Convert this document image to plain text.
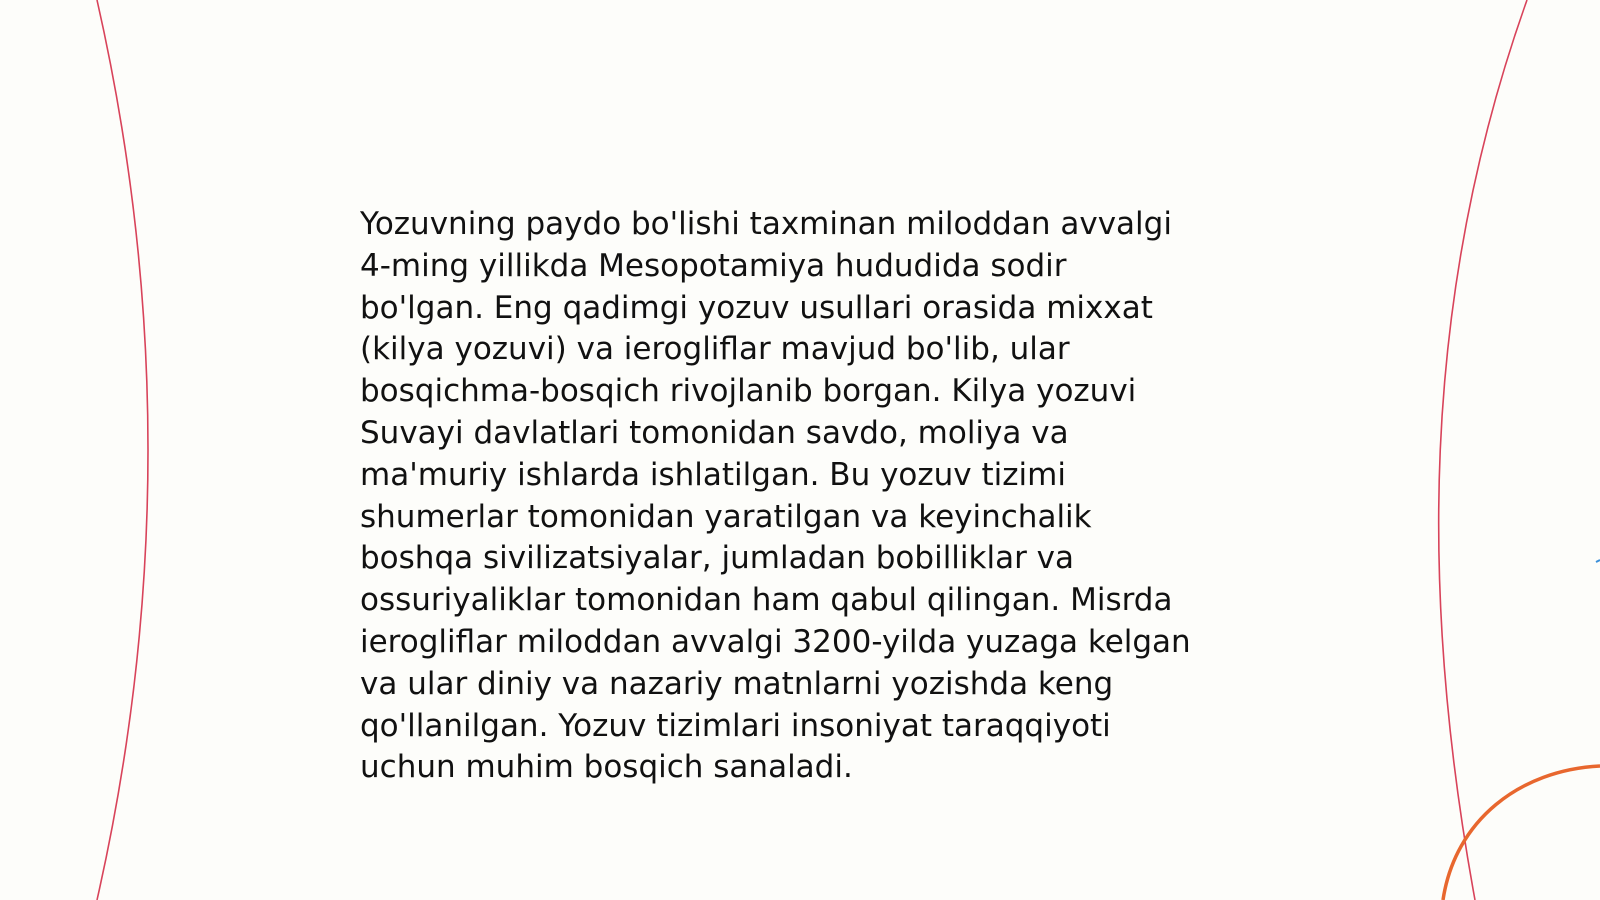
Yozuvning paydo bo'lishi taxminan miloddan avvalgi
4-ming yillikda Mesopotamiya hududida sodir
bo'lgan. Eng qadimgi yozuv usullari orasida mixxat
(kilya yozuvi) va ierogliflar mavjud bo'lib, ular
bosqichma-bosqich rivojlanib borgan. Kilya yozuvi
Suvayi davlatlari tomonidan savdo, moliya va
ma'muriy ishlarda ishlatilgan. Bu yozuv tizimi
shumerlar tomonidan yaratilgan va keyinchalik
boshqa sivilizatsiyalar, jumladan bobilliklar va
ossuriyaliklar tomonidan ham qabul qilingan. Misrda
ierogliflar miloddan avvalgi 3200-yilda yuzaga kelgan
va ular diniy va nazariy matnlarni yozishda keng
qo'llanilgan. Yozuv tizimlari insoniyat taraqqiyoti
uchun muhim bosqich sanaladi.
